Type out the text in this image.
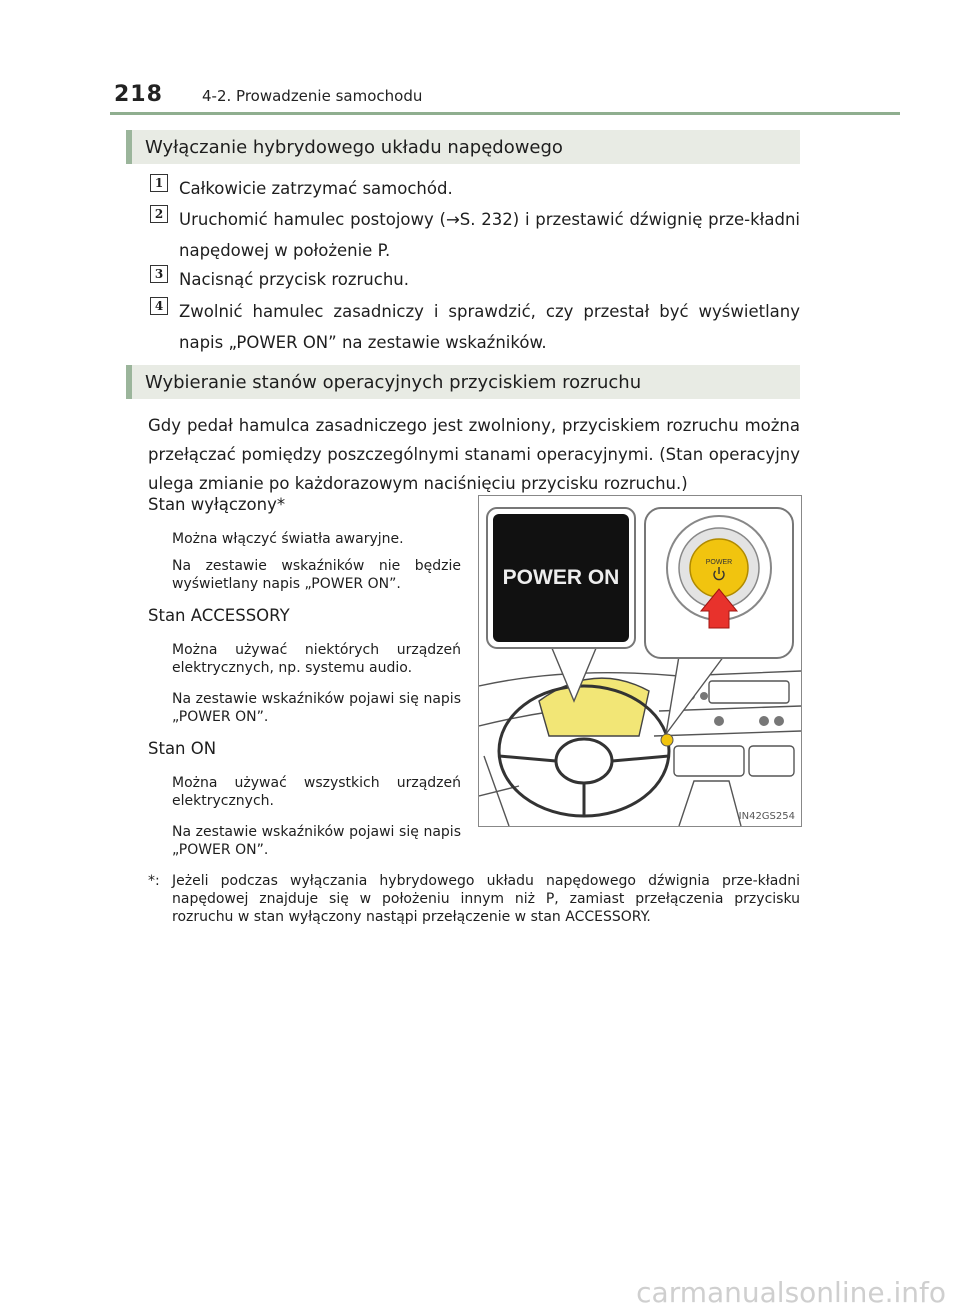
218	4-2. Prowadzenie samochodu
Wyłączanie hybrydowego układu napędowego
1 Całkowicie zatrzymać samochód.
2 Uruchomić hamulec postojowy (→S. 232) i przestawić dźwignię prze-kładni napędowej w położenie P.
3 Nacisnąć przycisk rozruchu.
4 Zwolnić hamulec zasadniczy i sprawdzić, czy przestał być wyświetlany napis „POWER ON” na zestawie wskaźników.
Wybieranie stanów operacyjnych przyciskiem rozruchu
Gdy pedał hamulca zasadniczego jest zwolniony, przyciskiem rozruchu można przełączać pomiędzy poszczególnymi stanami operacyjnymi. (Stan operacyjny ulega zmianie po każdorazowym naciśnięciu przycisku rozruchu.)
Stan wyłączony*
Można włączyć światła awaryjne.
Na zestawie wskaźników nie będzie wyświetlany napis „POWER ON”.
Stan ACCESSORY
Można używać niektórych urządzeń elektrycznych, np. systemu audio.
Na zestawie wskaźników pojawi się napis „POWER ON”.
Stan ON
Można używać wszystkich urządzeń elektrycznych.
Na zestawie wskaźników pojawi się napis „POWER ON”.
POWER ON
POWER
IN42GS254
*: Jeżeli podczas wyłączania hybrydowego układu napędowego dźwignia prze-kładni napędowej znajduje się w położeniu innym niż P, zamiast przełączenia przycisku rozruchu w stan wyłączony nastąpi przełączenie w stan ACCESSORY.
carmanualsonline.info
